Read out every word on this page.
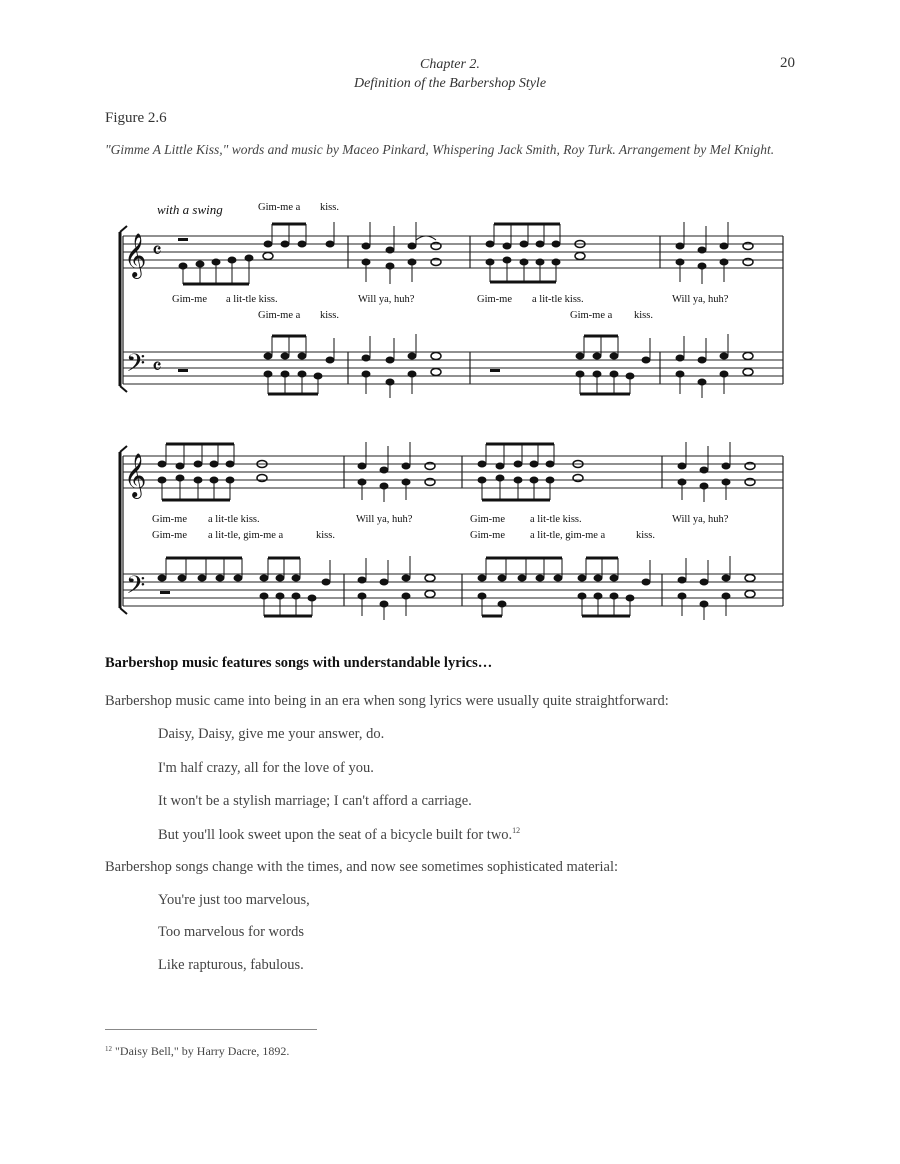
Chapter 2.
Definition of the Barbershop Style
20
Figure 2.6
"Gimme A Little Kiss," words and music by Maceo Pinkard, Whispering Jack Smith, Roy Turk. Arrangement by Mel Knight.
with a swing
𝄞
𝄢
𝄴
𝄴
Gim-me a kiss.
Gim-me a lit-tle kiss.	Will ya, huh?	Gim-me a lit-tle kiss.	Will ya, huh?
Gim-me a kiss.	Gim-me a kiss.
𝄞
𝄢
Gim-me a lit-tle kiss.	Will ya, huh?	Gim-me a lit-tle kiss.	Will ya, huh?
Gim-me a lit-tle, gim-me a	kiss.	Gim-me a lit-tle, gim-me a	kiss.
Barbershop music features songs with understandable lyrics…
Barbershop music came into being in an era when song lyrics were usually quite straightforward:
Daisy, Daisy, give me your answer, do.
I'm half crazy, all for the love of you.
It won't be a stylish marriage; I can't afford a carriage.
But you'll look sweet upon the seat of a bicycle built for two.$^{12}$
Barbershop songs change with the times, and now see sometimes sophisticated material:
You're just too marvelous,
Too marvelous for words
Like rapturous, fabulous.
$^{12}$ "Daisy Bell," by Harry Dacre, 1892.
